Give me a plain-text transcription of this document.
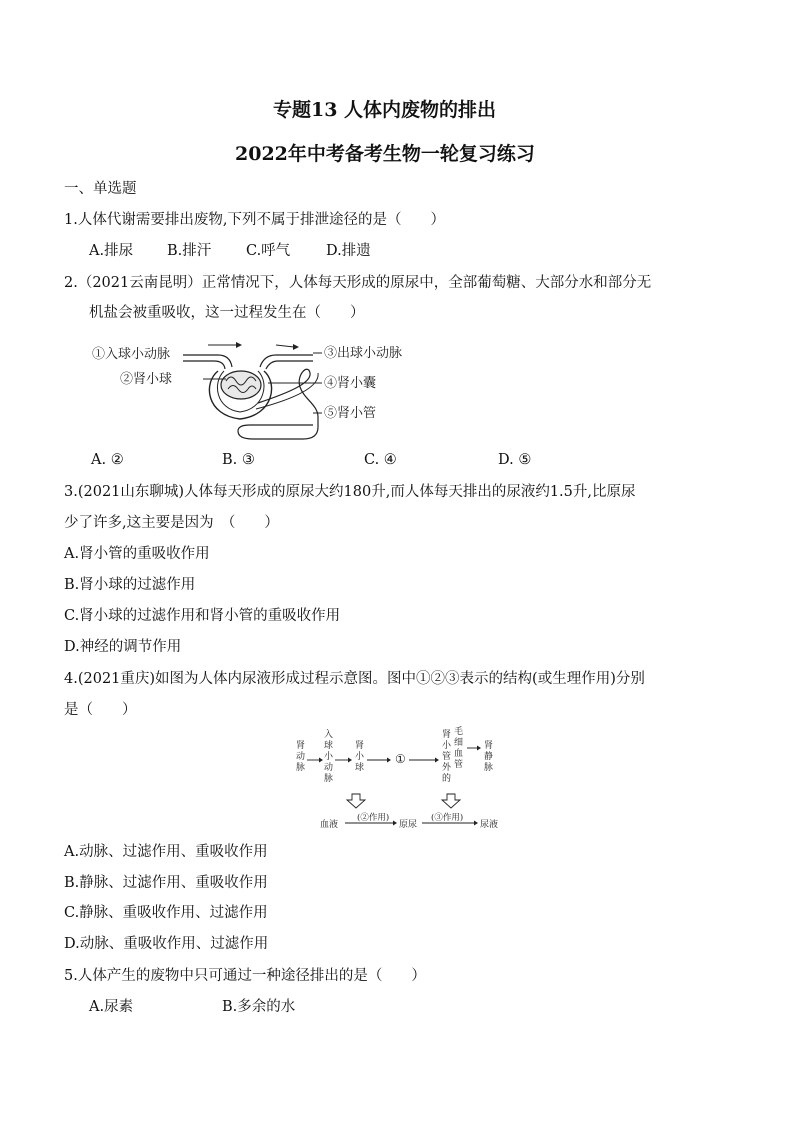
专题13 人体内废物的排出
2022年中考备考生物一轮复习练习
一、单选题
1.人体代谢需要排出废物,下列不属于排泄途径的是（　　）
A.排尿 B.排汗 C.呼气 D.排遗
2.（2021云南昆明）正常情况下，人体每天形成的原尿中，全部葡萄糖、大部分水和部分无
机盐会被重吸收，这一过程发生在（　　）
①入球小动脉
②肾小球
③出球小动脉
④肾小囊
⑤肾小管
A. ②	B. ③	C. ④	D. ⑤
3.(2021山东聊城)人体每天形成的原尿大约180升,而人体每天排出的尿液约1.5升,比原尿
少了许多,这主要是因为　（　　）
A.肾小管的重吸收作用
B.肾小球的过滤作用
C.肾小球的过滤作用和肾小管的重吸收作用
D.神经的调节作用
4.(2021重庆)如图为人体内尿液形成过程示意图。图中①②③表示的结构(或生理作用)分别
是（　　）
肾 动 脉
入 球 小 动 脉
肾 小 球
①
肾 小 管 外 的
毛 细 血 管
肾 静 脉
(②作用)	(③作用)
血液	原尿	尿液
A.动脉、过滤作用、重吸收作用
B.静脉、过滤作用、重吸收作用
C.静脉、重吸收作用、过滤作用
D.动脉、重吸收作用、过滤作用
5.人体产生的废物中只可通过一种途径排出的是（　　）
A.尿素	B.多余的水
